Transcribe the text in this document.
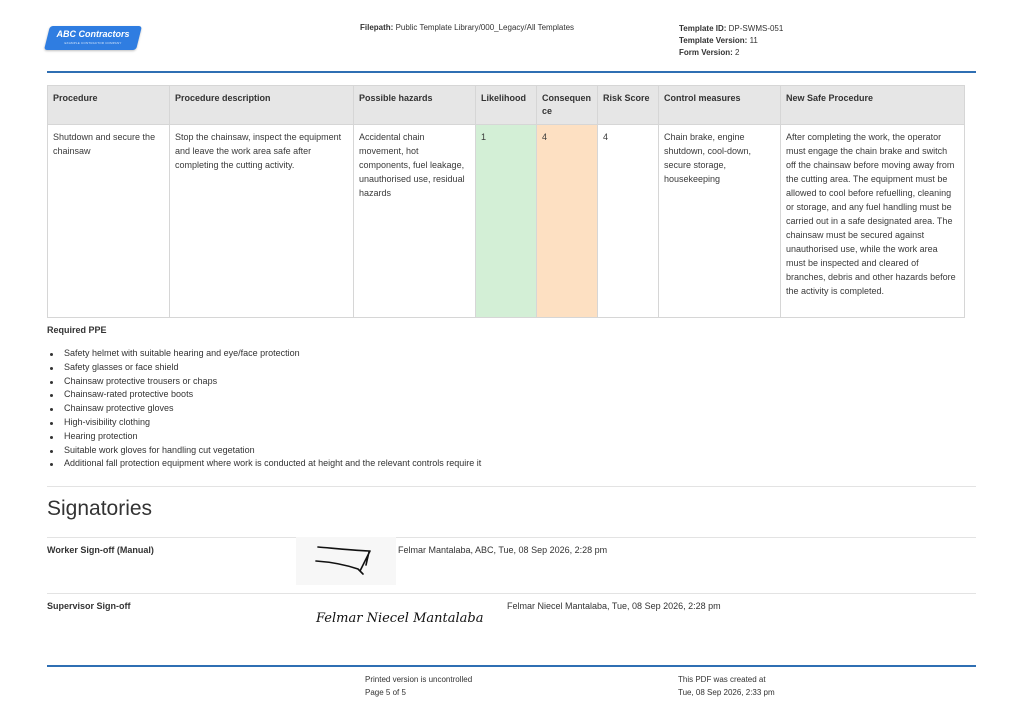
ABC Contractors
EXAMPLE CONTRACTOR COMPANY
Filepath: Public Template Library/000_Legacy/All Templates	Template ID: DP-SWMS-051
Template Version: 11
Form Version: 2
Procedure	Procedure description	Possible hazards	Likelihood	Consequen ce	Risk Score	Control measures	New Safe Procedure
Shutdown and secure the chainsaw	Stop the chainsaw, inspect the equipment and leave the work area safe after completing the cutting activity.	Accidental chain movement, hot components, fuel leakage, unauthorised use, residual hazards	1	4	4	Chain brake, engine shutdown, cool-down, secure storage, housekeeping	After completing the work, the operator must engage the chain brake and switch off the chainsaw before moving away from the cutting area. The equipment must be allowed to cool before refuelling, cleaning or storage, and any fuel handling must be carried out in a safe designated area. The chainsaw must be secured against unauthorised use, while the work area must be inspected and cleared of branches, debris and other hazards before the activity is completed.
Required PPE
Safety helmet with suitable hearing and eye/face protection
Safety glasses or face shield
Chainsaw protective trousers or chaps
Chainsaw-rated protective boots
Chainsaw protective gloves
High-visibility clothing
Hearing protection
Suitable work gloves for handling cut vegetation
Additional fall protection equipment where work is conducted at height and the relevant controls require it
Signatories
Worker Sign-off (Manual)	Felmar Mantalaba, ABC, Tue, 08 Sep 2026, 2:28 pm
Supervisor Sign-off
Felmar Niecel Mantalaba
Felmar Niecel Mantalaba, Tue, 08 Sep 2026, 2:28 pm
Printed version is uncontrolled
Page 5 of 5
This PDF was created at
Tue, 08 Sep 2026, 2:33 pm
